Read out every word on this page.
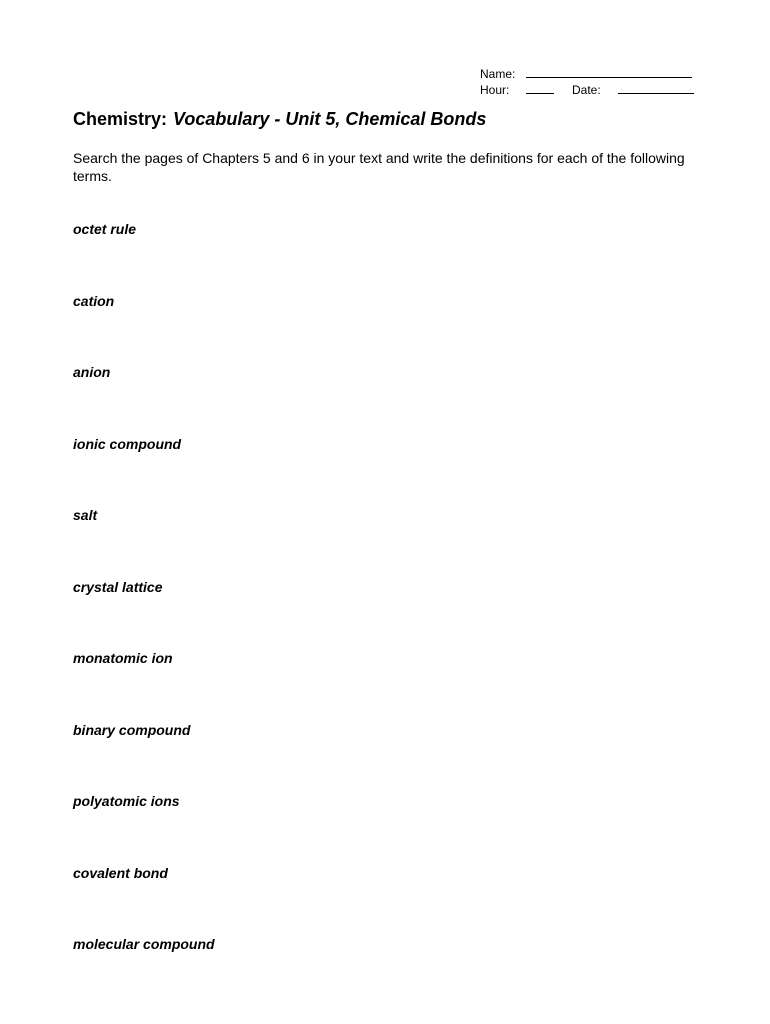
Name:
Hour:	Date:
Chemistry: Vocabulary - Unit 5, Chemical Bonds
Search the pages of Chapters 5 and 6 in your text and write the definitions for each of the following terms.
octet rule
cation
anion
ionic compound
salt
crystal lattice
monatomic ion
binary compound
polyatomic ions
covalent bond
molecular compound
